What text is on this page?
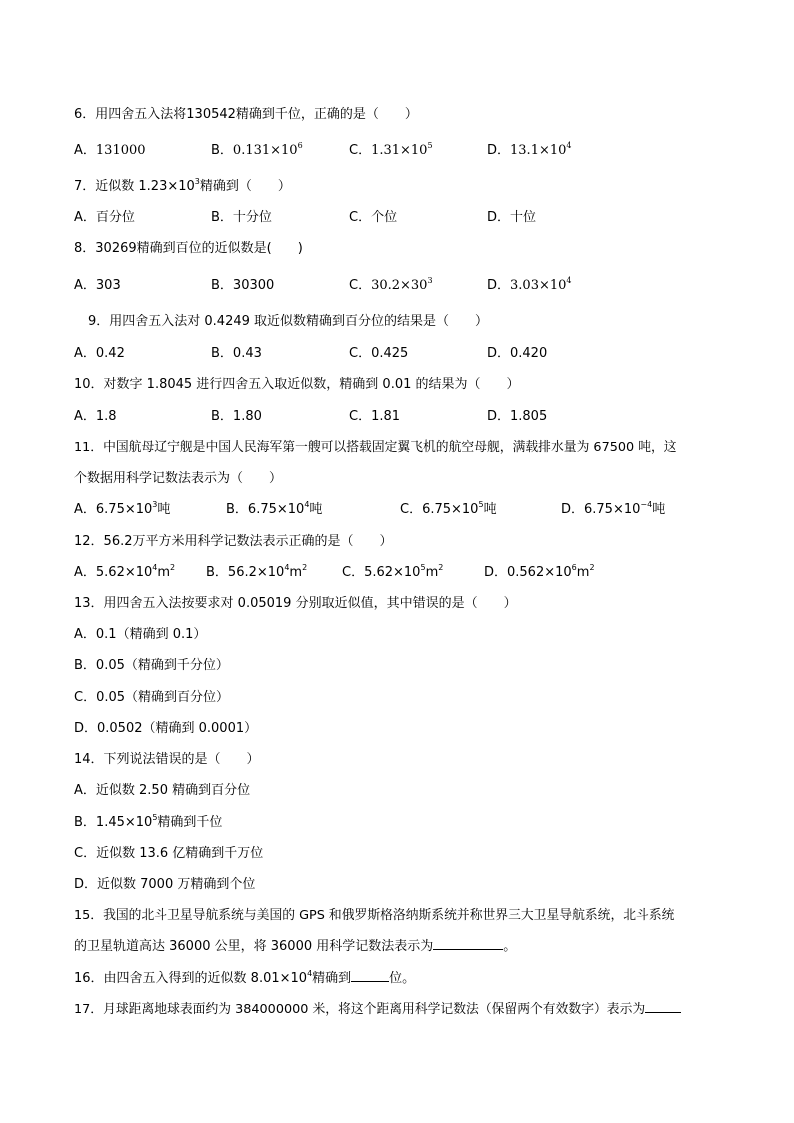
6．用四舍五入法将130542精确到千位，正确的是（　　）
A．131000	B．$0.131\times 10^6$	C．$1.31\times 10^5$	D．$13.1\times 10^4$
7．近似数 $1.23\times 10^3$精确到（　　）
A．百分位	B．十分位	C．个位	D．十位
8．30269精确到百位的近似数是(　　)
A．303	B．30300	C．$30.2\times 30^3$	D．$3.03\times 10^4$
9．用四舍五入法对 0.4249 取近似数精确到百分位的结果是（　　）
A．0.42	B．0.43	C．0.425	D．0.420
10．对数字 1.8045 进行四舍五入取近似数，精确到 0.01 的结果为（　　）
A．1.8	B．1.80	C．1.81	D．1.805
11．中国航母辽宁舰是中国人民海军第一艘可以搭载固定翼飞机的航空母舰，满载排水量为 67500 吨，这
个数据用科学记数法表示为（　　）
A．$6.75\times 10^3$吨	B．$6.75\times 10^4$吨	C．$6.75\times 10^5$吨	D．$6.75\times 10^{-4}$吨
12．56.2万平方米用科学记数法表示正确的是（　　）
A．$5.62\times 10^4m^2$ B．$56.2\times 10^4m^2$	C．$5.62\times 10^5m^2$	D．$0.562\times 10^6m^2$
13．用四舍五入法按要求对 0.05019 分别取近似值，其中错误的是（　　）
A．0.1（精确到 0.1）
B．0.05（精确到千分位）
C．0.05（精确到百分位）
D．0.0502（精确到 0.0001）
14．下列说法错误的是（　　）
A．近似数 2.50 精确到百分位
B．$1.45\times 10^5$精确到千位
C．近似数 13.6 亿精确到千万位
D．近似数 7000 万精确到个位
15．我国的北斗卫星导航系统与美国的 GPS 和俄罗斯格洛纳斯系统并称世界三大卫星导航系统，北斗系统
的卫星轨道高达 36000 公里，将 36000 用科学记数法表示为	。
16．由四舍五入得到的近似数 $8.01\times 10^4$精确到	位。
17．月球距离地球表面约为 384000000 米，将这个距离用科学记数法（保留两个有效数字）表示为
